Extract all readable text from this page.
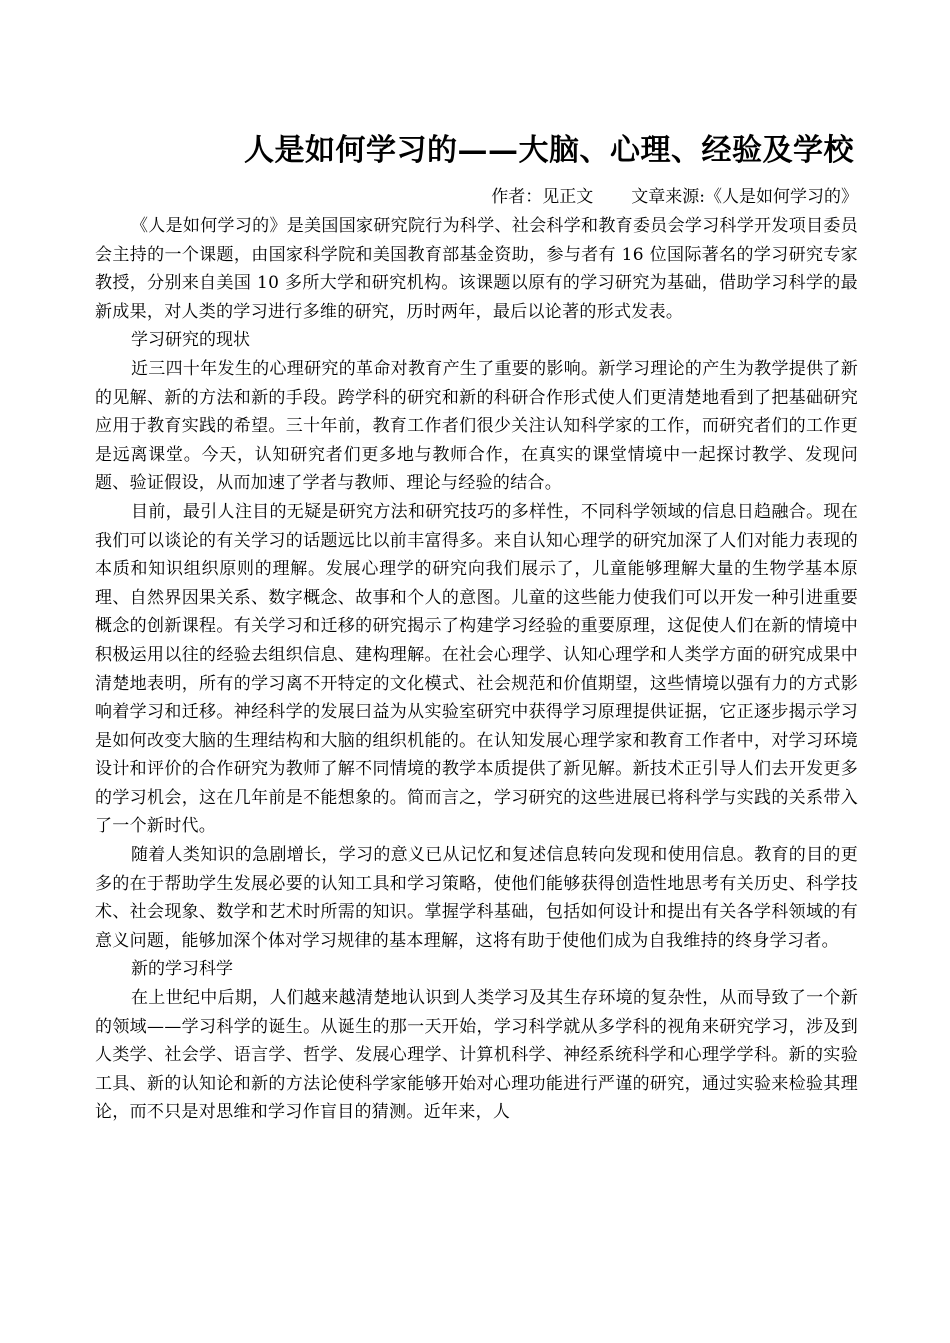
人是如何学习的——大脑、心理、经验及学校

作者：见正文 文章来源:《人是如何学习的》

《人是如何学习的》是美国国家研究院行为科学、社会科学和教育委员会学习科学开发项目委员会主持的一个课题，由国家科学院和美国教育部基金资助，参与者有 16 位国际著名的学习研究专家教授，分别来自美国 10 多所大学和研究机构。该课题以原有的学习研究为基础，借助学习科学的最新成果，对人类的学习进行多维的研究，历时两年，最后以论著的形式发表。

学习研究的现状

近三四十年发生的心理研究的革命对教育产生了重要的影响。新学习理论的产生为教学提供了新的见解、新的方法和新的手段。跨学科的研究和新的科研合作形式使人们更清楚地看到了把基础研究应用于教育实践的希望。三十年前，教育工作者们很少关注认知科学家的工作，而研究者们的工作更是远离课堂。今天，认知研究者们更多地与教师合作，在真实的课堂情境中一起探讨教学、发现问题、验证假设，从而加速了学者与教师、理论与经验的结合。

目前，最引人注目的无疑是研究方法和研究技巧的多样性，不同科学领域的信息日趋融合。现在我们可以谈论的有关学习的话题远比以前丰富得多。来自认知心理学的研究加深了人们对能力表现的本质和知识组织原则的理解。发展心理学的研究向我们展示了，儿童能够理解大量的生物学基本原理、自然界因果关系、数字概念、故事和个人的意图。儿童的这些能力使我们可以开发一种引进重要概念的创新课程。有关学习和迁移的研究揭示了构建学习经验的重要原理，这促使人们在新的情境中积极运用以往的经验去组织信息、建构理解。在社会心理学、认知心理学和人类学方面的研究成果中清楚地表明，所有的学习离不开特定的文化模式、社会规范和价值期望，这些情境以强有力的方式影响着学习和迁移。神经科学的发展曰益为从实验室研究中获得学习原理提供证据，它正逐步揭示学习是如何改变大脑的生理结构和大脑的组织机能的。在认知发展心理学家和教育工作者中，对学习环境设计和评价的合作研究为教师了解不同情境的教学本质提供了新见解。新技术正引导人们去开发更多的学习机会，这在几年前是不能想象的。简而言之，学习研究的这些进展已将科学与实践的关系带入了一个新时代。

随着人类知识的急剧增长，学习的意义已从记忆和复述信息转向发现和使用信息。教育的目的更多的在于帮助学生发展必要的认知工具和学习策略，使他们能够获得创造性地思考有关历史、科学技术、社会现象、数学和艺术时所需的知识。掌握学科基础，包括如何设计和提出有关各学科领域的有意义问题，能够加深个体对学习规律的基本理解，这将有助于使他们成为自我维持的终身学习者。

新的学习科学

在上世纪中后期，人们越来越清楚地认识到人类学习及其生存环境的复杂性，从而导致了一个新的领域——学习科学的诞生。从诞生的那一天开始，学习科学就从多学科的视角来研究学习，涉及到人类学、社会学、语言学、哲学、发展心理学、计算机科学、神经系统科学和心理学学科。新的实验工具、新的认知论和新的方法论使科学家能够开始对心理功能进行严谨的研究，通过实验来检验其理论，而不只是对思维和学习作盲目的猜测。近年来，人
